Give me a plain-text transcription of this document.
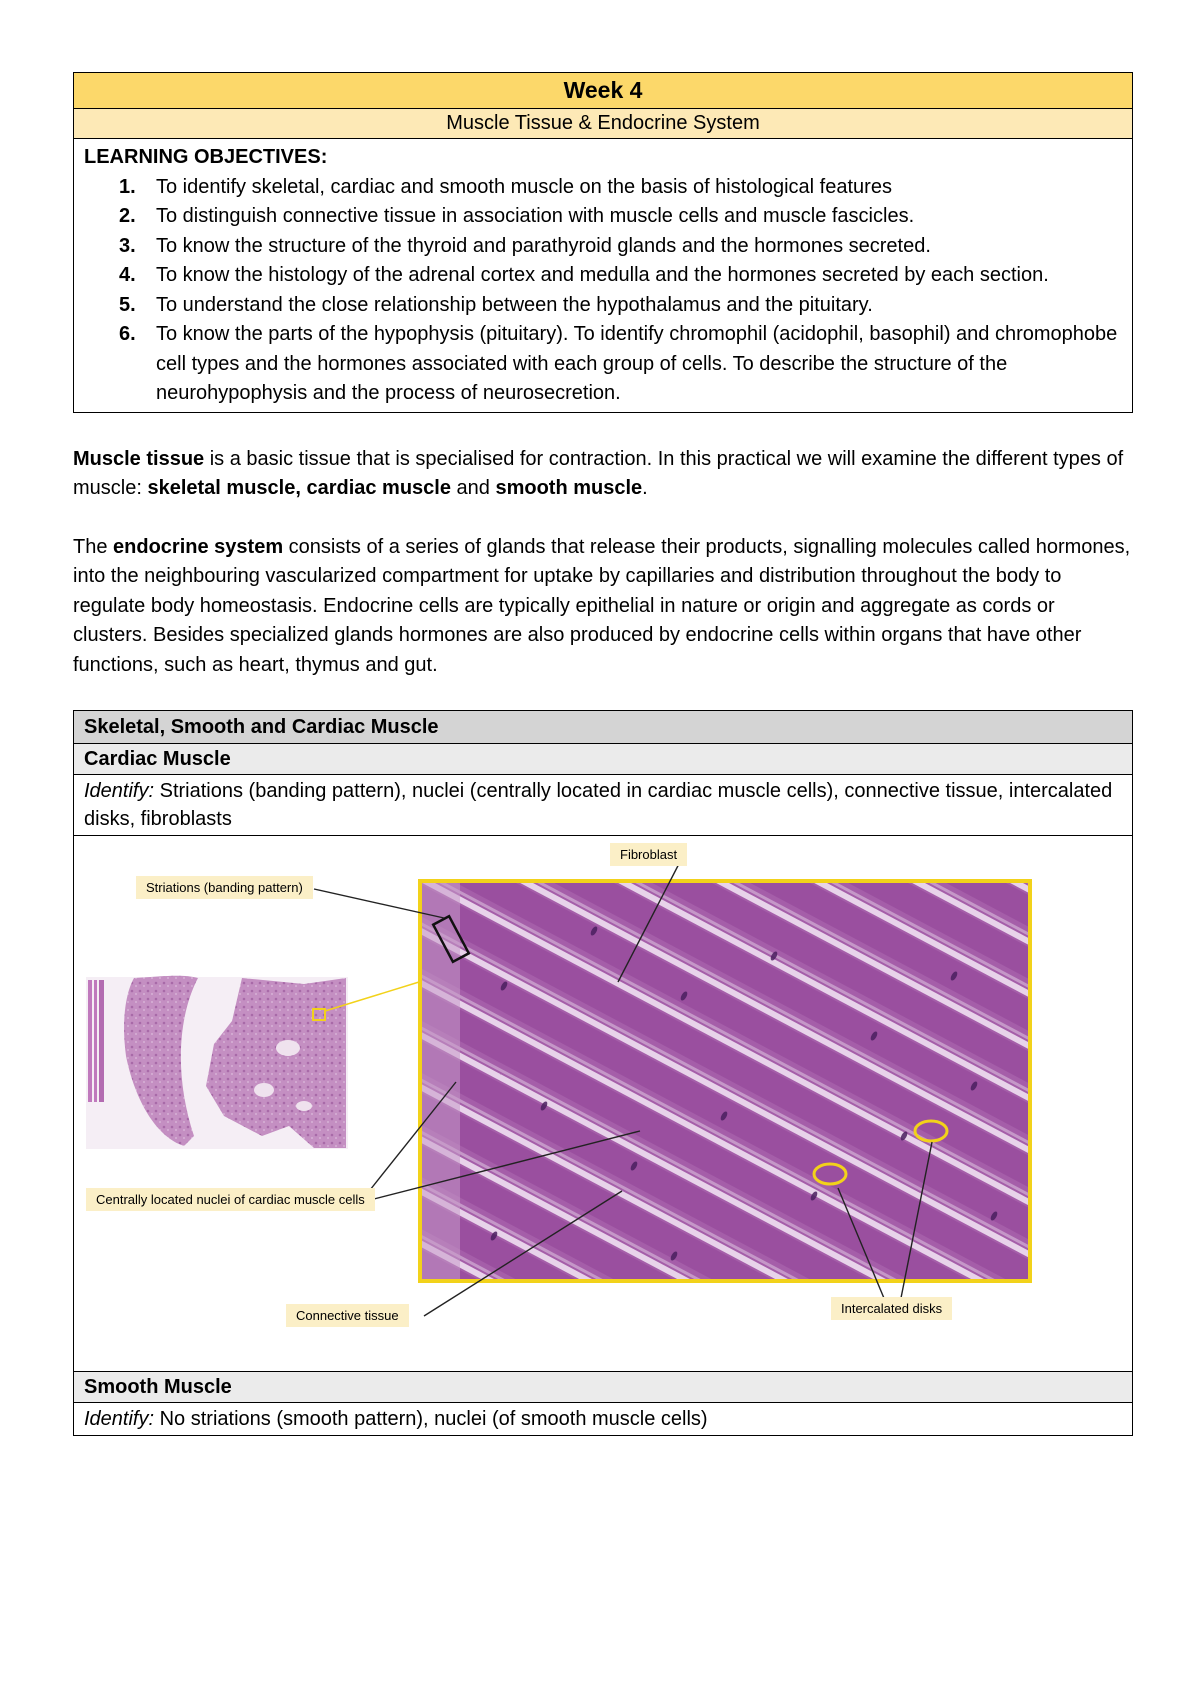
Week 4
Muscle Tissue & Endocrine System
LEARNING OBJECTIVES:
1.	To identify skeletal, cardiac and smooth muscle on the basis of histological features
2.	To distinguish connective tissue in association with muscle cells and muscle fascicles.
3.	To know the structure of the thyroid and parathyroid glands and the hormones secreted.
4.	To know the histology of the adrenal cortex and medulla and the hormones secreted by each section.
5.	To understand the close relationship between the hypothalamus and the pituitary.
6.	To know the parts of the hypophysis (pituitary). To identify chromophil (acidophil, basophil) and chromophobe cell types and the hormones associated with each group of cells. To describe the structure of the neurohypophysis and the process of neurosecretion.

Muscle tissue is a basic tissue that is specialised for contraction. In this practical we will examine the different types of muscle: skeletal muscle, cardiac muscle and smooth muscle.

The endocrine system consists of a series of glands that release their products, signalling molecules called hormones, into the neighbouring vascularized compartment for uptake by capillaries and distribution throughout the body to regulate body homeostasis. Endocrine cells are typically epithelial in nature or origin and aggregate as cords or clusters. Besides specialized glands hormones are also produced by endocrine cells within organs that have other functions, such as heart, thymus and gut.

Skeletal, Smooth and Cardiac Muscle
Cardiac Muscle
Identify: Striations (banding pattern), nuclei (centrally located in cardiac muscle cells), connective tissue, intercalated disks, fibroblasts
Fibroblast
Striations (banding pattern)
Centrally located nuclei of cardiac muscle cells
Connective tissue	Intercalated disks
Smooth Muscle
Identify: No striations (smooth pattern), nuclei (of smooth muscle cells)
